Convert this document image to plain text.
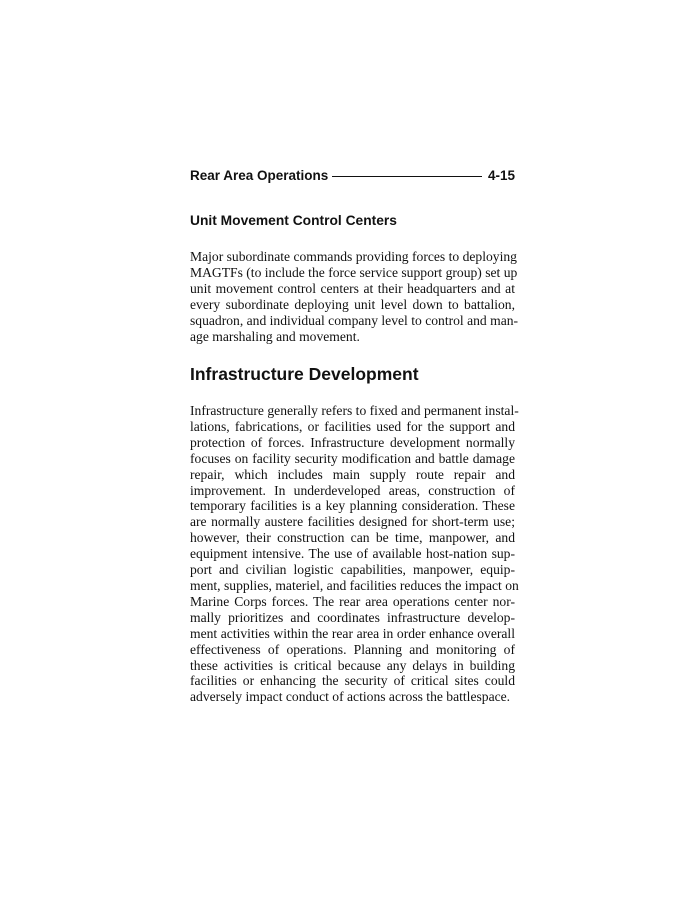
Rear Area Operations	4-15
Unit Movement Control Centers
Major subordinate commands providing forces to deploying
MAGTFs (to include the force service support group) set up
unit movement control centers at their headquarters and at
every subordinate deploying unit level down to battalion,
squadron, and individual company level to control and man-
age marshaling and movement.
Infrastructure Development
Infrastructure generally refers to fixed and permanent instal-
lations, fabrications, or facilities used for the support and
protection of forces. Infrastructure development normally
focuses on facility security modification and battle damage
repair, which includes main supply route repair and
improvement. In underdeveloped areas, construction of
temporary facilities is a key planning consideration. These
are normally austere facilities designed for short-term use;
however, their construction can be time, manpower, and
equipment intensive. The use of available host-nation sup-
port and civilian logistic capabilities, manpower, equip-
ment, supplies, materiel, and facilities reduces the impact on
Marine Corps forces. The rear area operations center nor-
mally prioritizes and coordinates infrastructure develop-
ment activities within the rear area in order enhance overall
effectiveness of operations. Planning and monitoring of
these activities is critical because any delays in building
facilities or enhancing the security of critical sites could
adversely impact conduct of actions across the battlespace.
